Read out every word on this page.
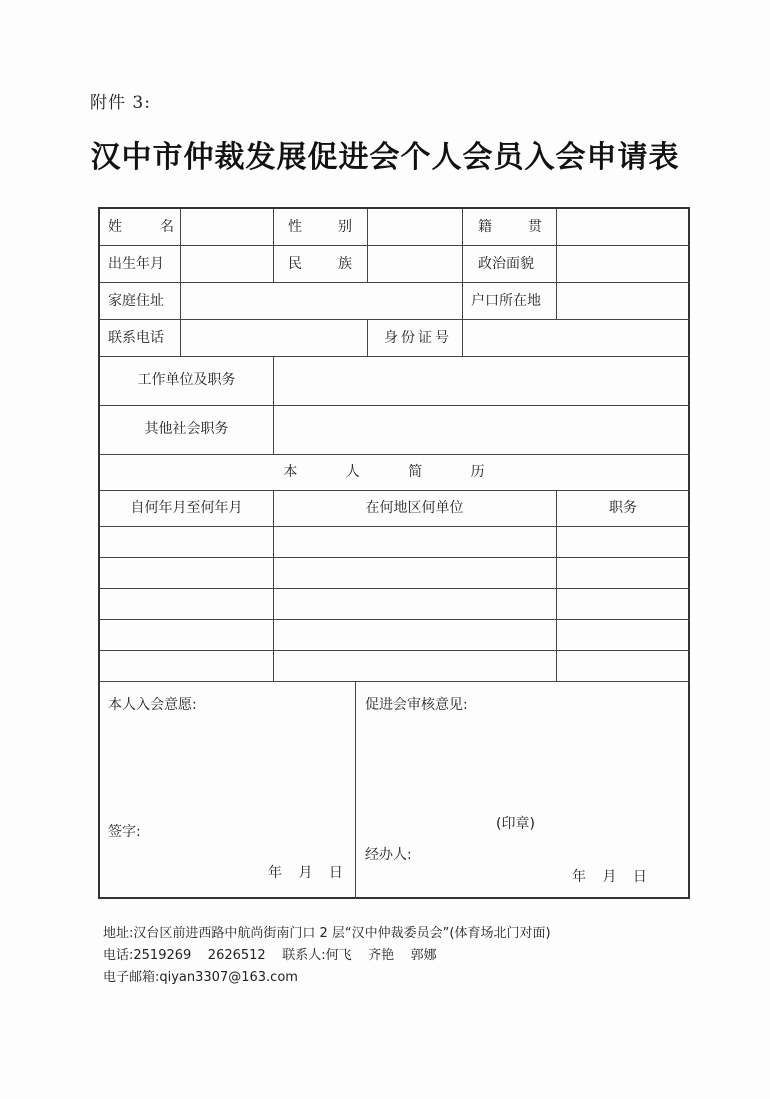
附件 3:
汉中市仲裁发展促进会个人会员入会申请表
姓 名	性 别	籍 贯
出生年月	民 族	政治面貌
家庭住址	户口所在地
联系电话	身份证号
工作单位及职务
其他社会职务
本 人 简 历
自何年月至何年月	在何地区何单位	职务
本人入会意愿:
签字:
年 月 日
促进会审核意见:
(印章)
经办人:
年 月 日
地址:汉台区前进西路中航尚街南门口 2 层“汉中仲裁委员会”(体育场北门对面)
电话:2519269    2626512    联系人:何飞    齐艳    郭娜
电子邮箱:qiyan3307@163.com
